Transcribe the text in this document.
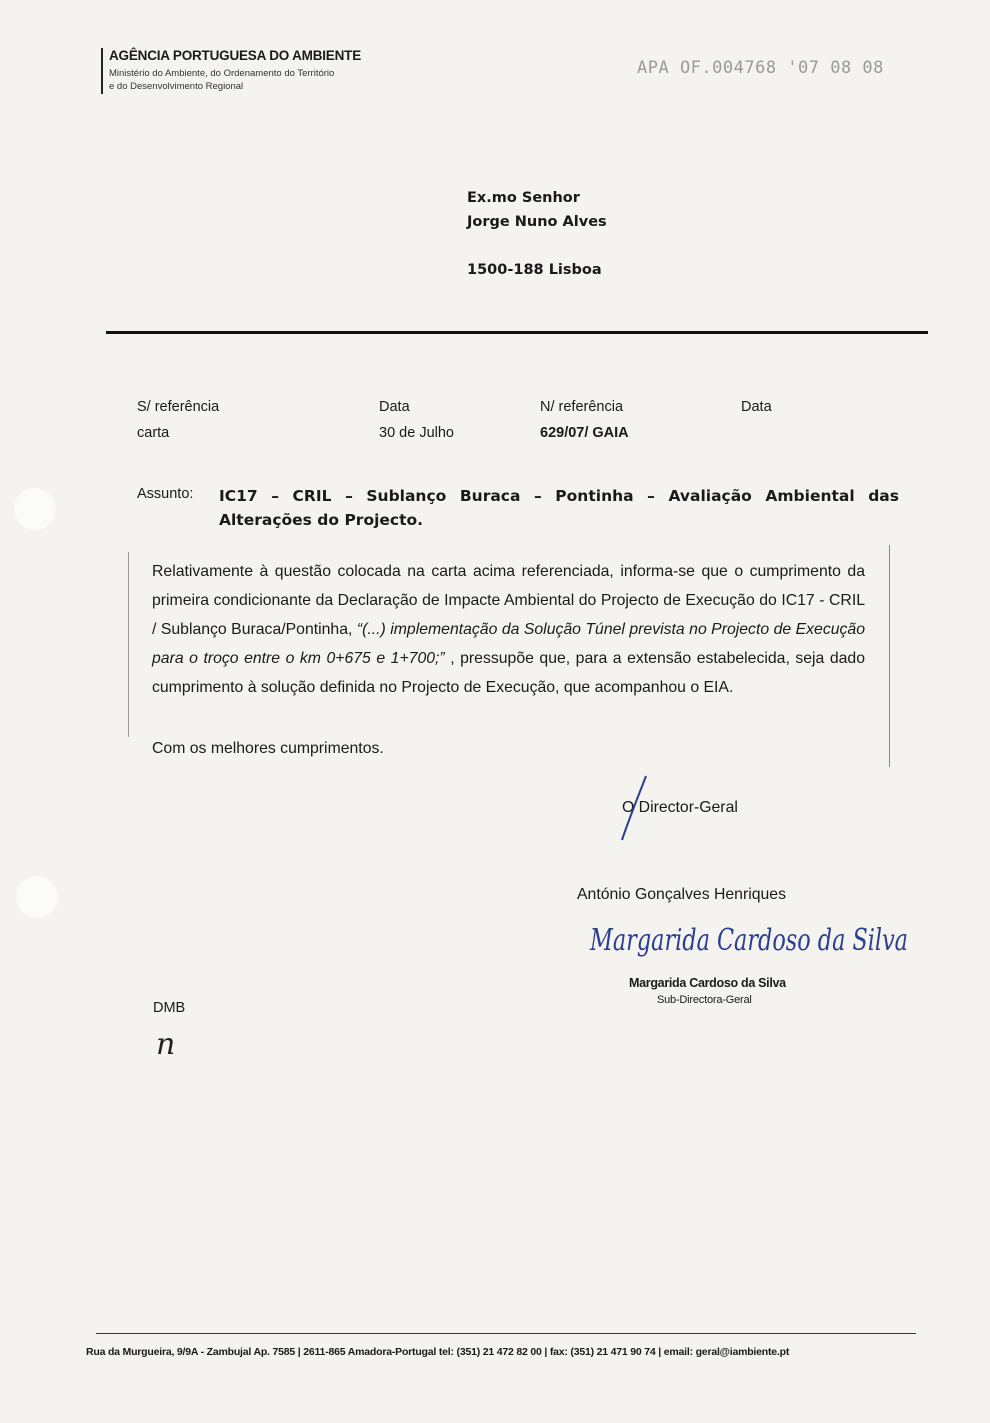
AGÊNCIA PORTUGUESA DO AMBIENTE
Ministério do Ambiente, do Ordenamento do Território
e do Desenvolvimento Regional
APA OF.004768 '07 08 08
Ex.mo Senhor
Jorge Nuno Alves
1500-188 Lisboa
S/ referência
carta
Data
30 de Julho
N/ referência
629/07/ GAIA
Data
Assunto: IC17 – CRIL – Sublanço Buraca – Pontinha – Avaliação Ambiental das Alterações do Projecto.
Relativamente à questão colocada na carta acima referenciada, informa-se que o cumprimento da primeira condicionante da Declaração de Impacte Ambiental do Projecto de Execução do IC17 - CRIL / Sublanço Buraca/Pontinha, “(...) implementação da Solução Túnel prevista no Projecto de Execução para o troço entre o km 0+675 e 1+700;” , pressupõe que, para a extensão estabelecida, seja dado cumprimento à solução definida no Projecto de Execução, que acompanhou o EIA.
Com os melhores cumprimentos.
O Director-Geral
António Gonçalves Henriques
Margarida Cardoso da Silva
Margarida Cardoso da Silva
Sub-Directora-Geral
DMB
n
Rua da Murgueira, 9/9A - Zambujal Ap. 7585 | 2611-865 Amadora-Portugal tel: (351) 21 472 82 00 | fax: (351) 21 471 90 74 | email: geral@iambiente.pt
